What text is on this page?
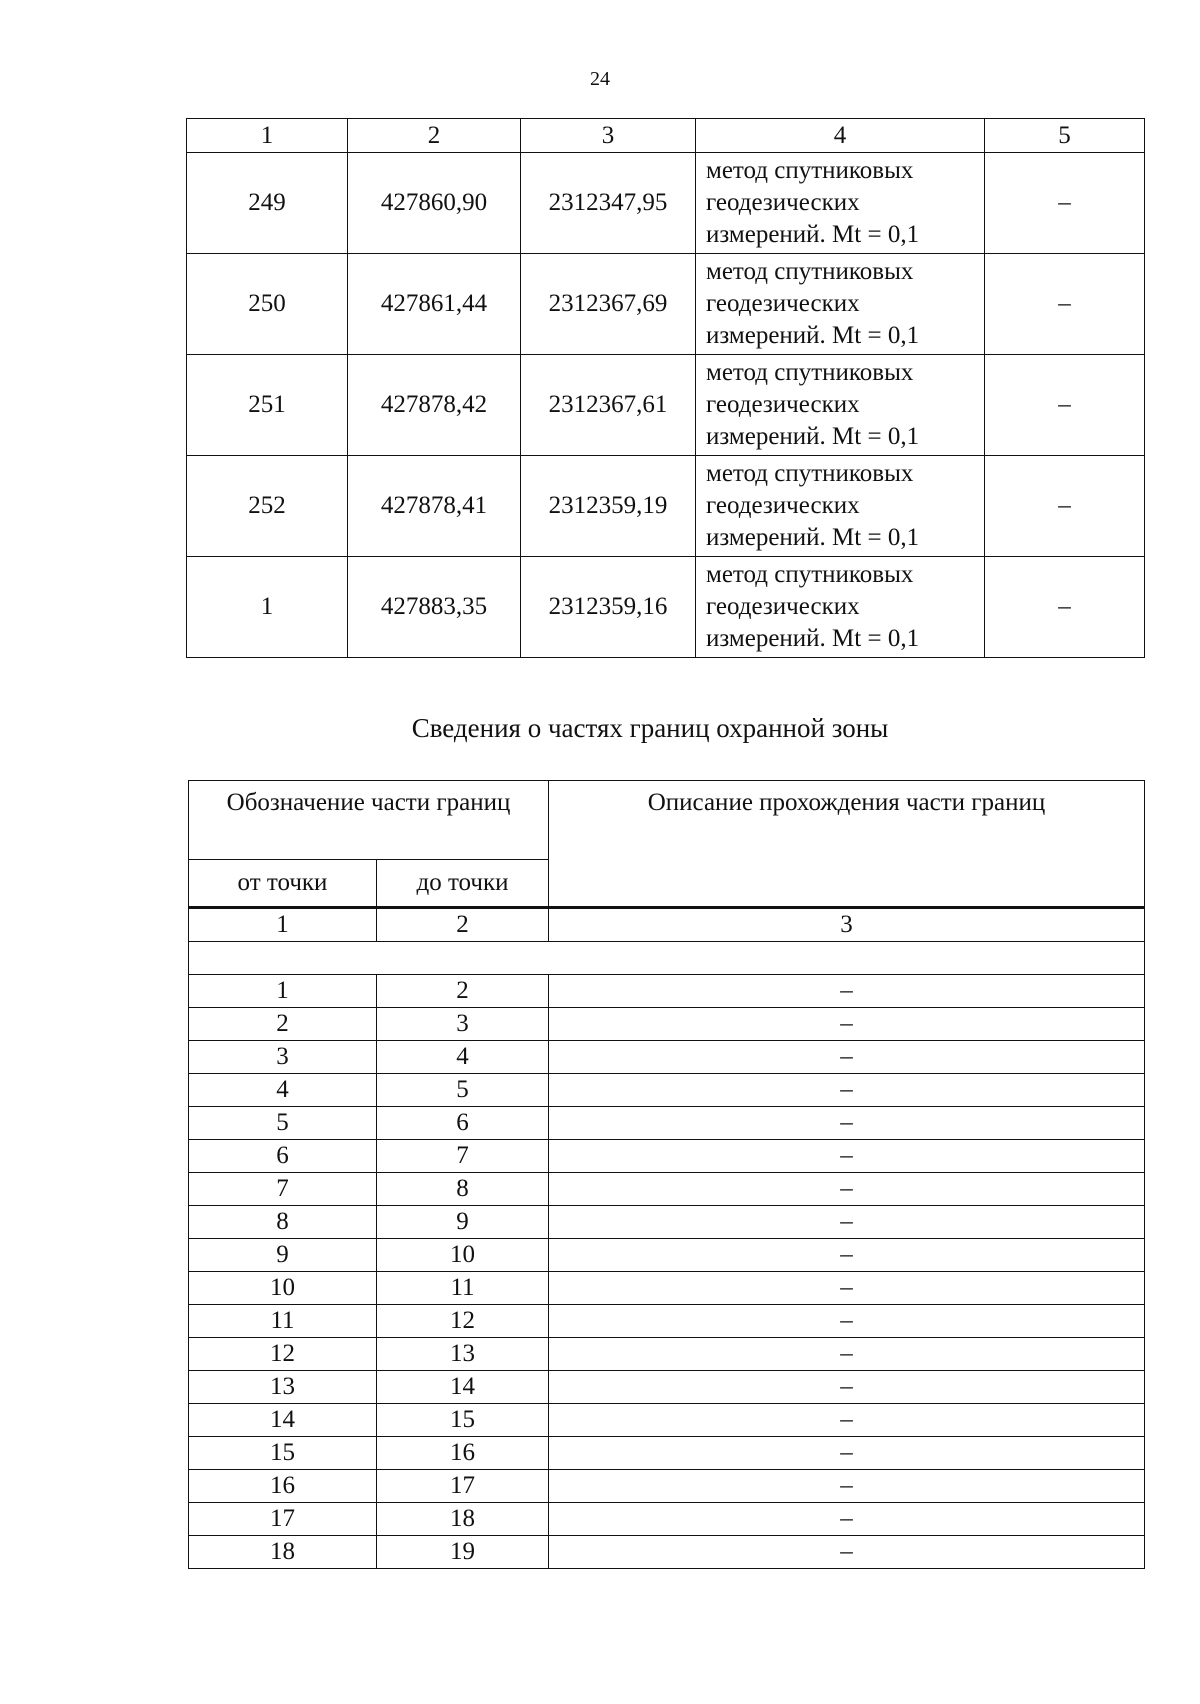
24
1	2	3	4	5
249	427860,90	2312347,95	метод спутниковых
геодезических
измерений. Mt = 0,1	–
250	427861,44	2312367,69	метод спутниковых
геодезических
измерений. Mt = 0,1	–
251	427878,42	2312367,61	метод спутниковых
геодезических
измерений. Mt = 0,1	–
252	427878,41	2312359,19	метод спутниковых
геодезических
измерений. Mt = 0,1	–
1	427883,35	2312359,16	метод спутниковых
геодезических
измерений. Mt = 0,1	–
Сведения о частях границ охранной зоны
Обозначение части границ		Описание прохождения части границ
от точки	до точки	
1	2	3

1	2	–
2	3	–
3	4	–
4	5	–
5	6	–
6	7	–
7	8	–
8	9	–
9	10	–
10	11	–
11	12	–
12	13	–
13	14	–
14	15	–
15	16	–
16	17	–
17	18	–
18	19	–
